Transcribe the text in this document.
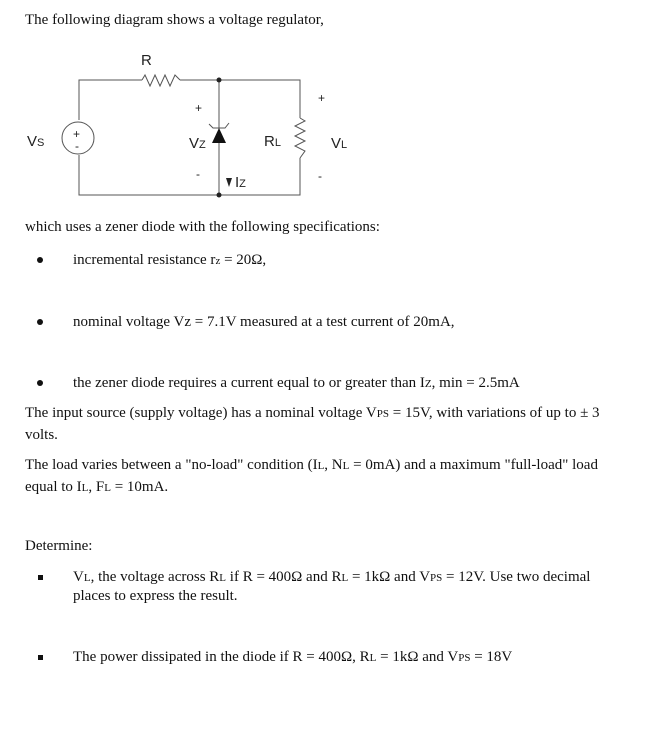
The following diagram shows a voltage regulator,
R
VS
+
-
+
-
VZ	RL
+
-
VL
IZ
which uses a zener diode with the following specifications:
incremental resistance rz = 20Ω,
nominal voltage Vz = 7.1V measured at a test current of 20mA,
the zener diode requires a current equal to or greater than IZ, min = 2.5mA
The input source (supply voltage) has a nominal voltage VPS = 15V, with variations of up to ± 3
volts.
The load varies between a "no-load" condition (IL, NL = 0mA) and a maximum "full-load" load
equal to IL, FL = 10mA.
Determine:
VL, the voltage across RL if R = 400Ω and RL = 1kΩ and VPS = 12V. Use two decimal
places to express the result.
The power dissipated in the diode if R = 400Ω, RL = 1kΩ and VPS = 18V
